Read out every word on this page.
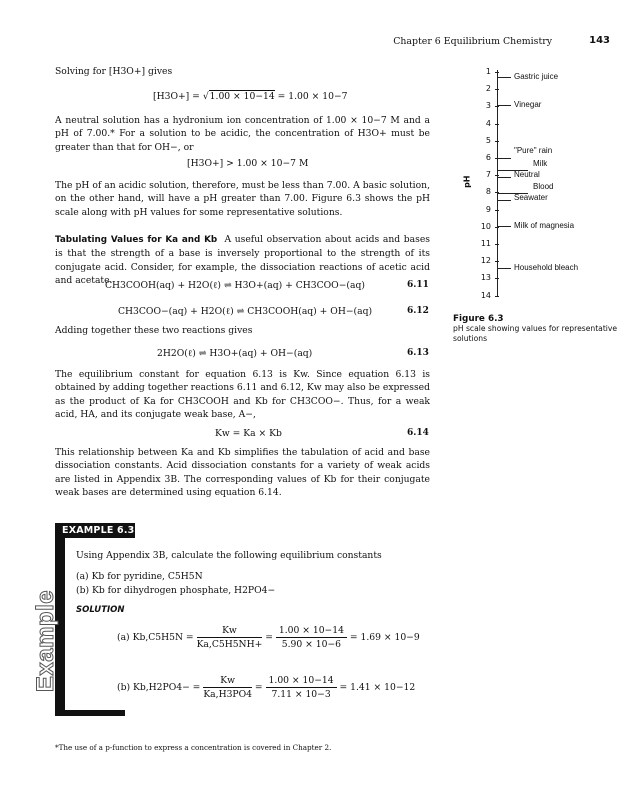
Chapter 6 Equilibrium Chemistry	143
Solving for [H3O+] gives
[H3O+] = √1.00 × 10−14 = 1.00 × 10−7
A neutral solution has a hydronium ion concentration of 1.00 × 10−7 M and a pH of 7.00.* For a solution to be acidic, the concentration of H3O+ must be greater than that for OH−, or
[H3O+] > 1.00 × 10−7 M
The pH of an acidic solution, therefore, must be less than 7.00. A basic solution, on the other hand, will have a pH greater than 7.00. Figure 6.3 shows the pH scale along with pH values for some representative solutions.
Tabulating Values for Ka and Kb A useful observation about acids and bases is that the strength of a base is inversely proportional to the strength of its conjugate acid. Consider, for example, the dissociation reactions of acetic acid and acetate.
CH3COOH(aq) + H2O(ℓ) ⇌ H3O+(aq) + CH3COO−(aq)	6.11
CH3COO−(aq) + H2O(ℓ) ⇌ CH3COOH(aq) + OH−(aq)	6.12
Adding together these two reactions gives
2H2O(ℓ) ⇌ H3O+(aq) + OH−(aq)	6.13
The equilibrium constant for equation 6.13 is Kw. Since equation 6.13 is obtained by adding together reactions 6.11 and 6.12, Kw may also be expressed as the product of Ka for CH3COOH and Kb for CH3COO−. Thus, for a weak acid, HA, and its conjugate weak base, A−,
Kw = Ka × Kb	6.14
This relationship between Ka and Kb simplifies the tabulation of acid and base dissociation constants. Acid dissociation constants for a variety of weak acids are listed in Appendix 3B. The corresponding values of Kb for their conjugate weak bases are determined using equation 6.14.
pH
1
2
3
4
5
6
7
8
9
10
11
12
13
14
Gastric juice
Vinegar
"Pure" rain
Milk
Neutral
Blood
Seawater
Milk of magnesia
Household bleach
Figure 6.3
pH scale showing values for representative solutions
EXAMPLE 6.3
Example
Using Appendix 3B, calculate the following equilibrium constants
(a) Kb for pyridine, C5H5N
(b) Kb for dihydrogen phosphate, H2PO4−
SOLUTION
(a) $Kb,C5H5N = \frac{Kw}{Ka,C5H5NH+} = \frac{1.00 \times 10-14}{5.90 \times 10-6} = 1.69 \times 10-9$
(b) $Kb,H2PO4- = \frac{Kw}{Ka,H3PO4} = \frac{1.00 \times 10-14}{7.11 \times 10-3} = 1.41 \times 10-12$
*The use of a p-function to express a concentration is covered in Chapter 2.
